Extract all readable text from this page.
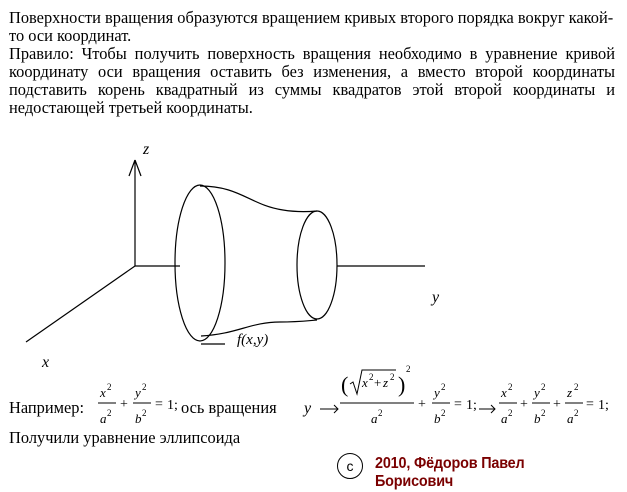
Поверхности вращения образуются вращением кривых второго порядка вокруг какой-то оси координат.

Правило: Чтобы получить поверхность вращения необходимо в уравнение кривой координату оси вращения оставить без изменения, а вместо второй координаты подставить корень квадратный из суммы квадратов этой второй координаты и недостающей третьей координаты.

z
y
x
f(x,y)
Например:
x 2
a 2
+
y 2
b 2
= 1; ось вращения y
( x 2 + z 2 )
2
a 2
+
y 2
b 2
= 1;
x 2
a 2
+
y 2
b 2
+
z 2
a 2
= 1;

Получили уравнение эллипсоида

c	2010, Фёдоров Павел Борисович
